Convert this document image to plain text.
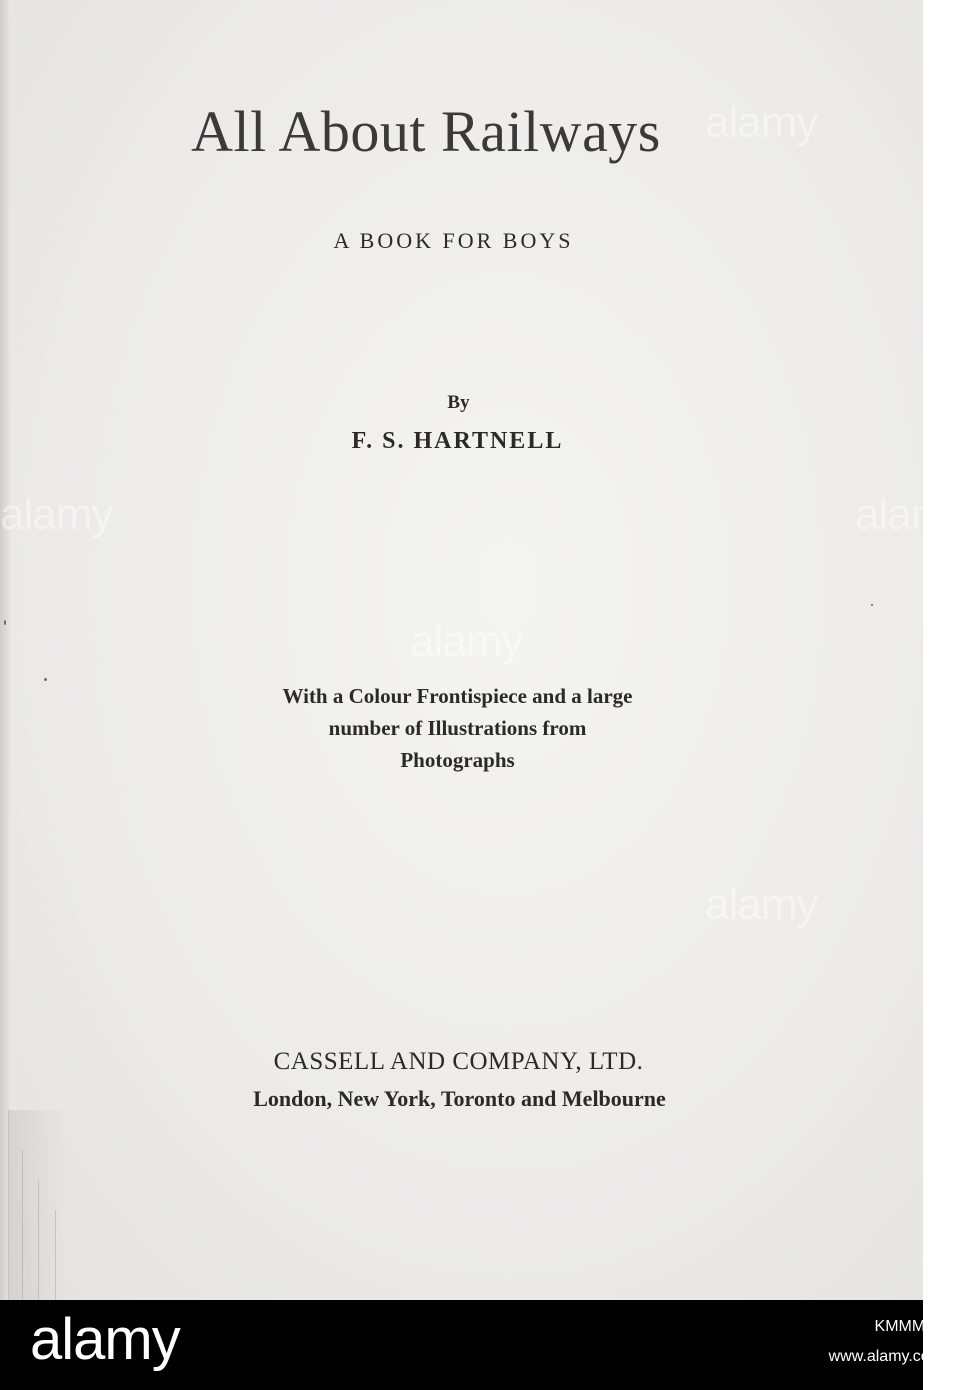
All About Railways
A BOOK FOR BOYS
By
F. S. HARTNELL
With a Colour Frontispiece and a large
number of Illustrations from
Photographs
CASSELL AND COMPANY, LTD.
London, New York, Toronto and Melbourne
alamy
alamy
alamy
alamy
alamy
alamy	KMMM89
www.alamy.com
